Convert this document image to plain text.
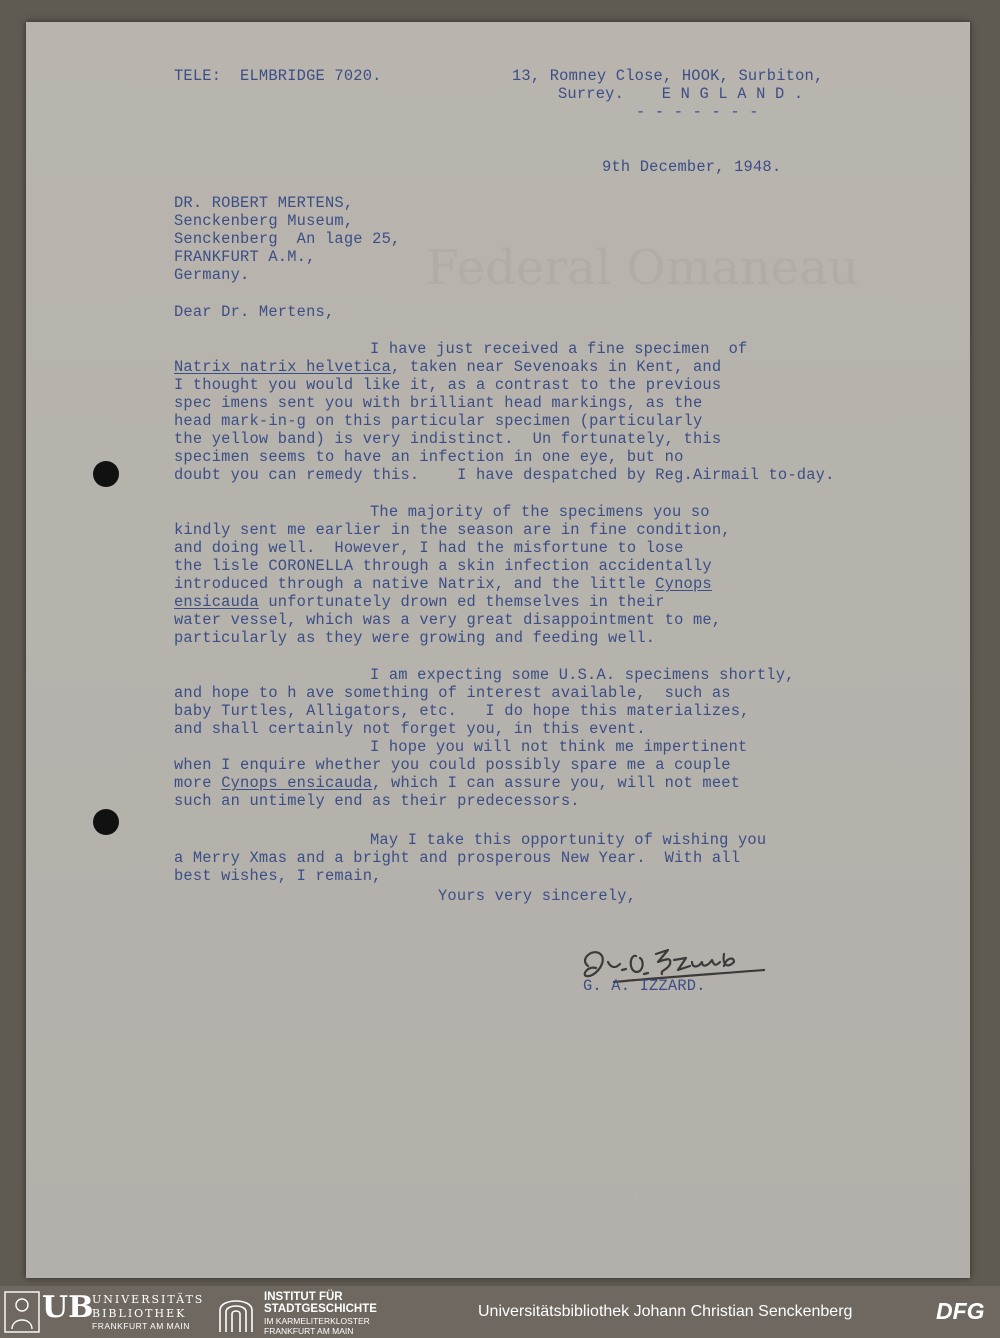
Federal Omaneau
TELE:  ELMBRIDGE 7020.	13, Romney Close, HOOK, Surbiton,
Surrey.    E N G L A N D .
- - - - - - -
9th December, 1948.
DR. ROBERT MERTENS,
Senckenberg Museum,
Senckenberg  An lage 25,
FRANKFURT A.M.,
Germany.
Dear Dr. Mertens,
I have just received a fine specimen  of
Natrix natrix helvetica, taken near Sevenoaks in Kent, and
I thought you would like it, as a contrast to the previous
spec imens sent you with brilliant head markings, as the
head mark-in-g on this particular specimen (particularly
the yellow band) is very indistinct.  Un fortunately, this
specimen seems to have an infection in one eye, but no
doubt you can remedy this.    I have despatched by Reg.Airmail to-day.
The majority of the specimens you so
kindly sent me earlier in the season are in fine condition,
and doing well.  However, I had the misfortune to lose
the lisle CORONELLA through a skin infection accidentally
introduced through a native Natrix, and the little Cynops
ensicauda unfortunately drown ed themselves in their
water vessel, which was a very great disappointment to me,
particularly as they were growing and feeding well.
I am expecting some U.S.A. specimens shortly,
and hope to h ave something of interest available,  such as
baby Turtles, Alligators, etc.   I do hope this materializes,
and shall certainly not forget you, in this event.
I hope you will not think me impertinent
when I enquire whether you could possibly spare me a couple
more Cynops ensicauda, which I can assure you, will not meet
such an untimely end as their predecessors.
May I take this opportunity of wishing you
a Merry Xmas and a bright and prosperous New Year.  With all
best wishes, I remain,
Yours very sincerely,
G. A. IZZARD.
UB
UNIVERSITÄTS
BIBLIOTHEK
FRANKFURT AM MAIN
INSTITUT FÜR
STADTGESCHICHTE
IM KARMELITERKLOSTER
FRANKFURT AM MAIN
Universitätsbibliothek Johann Christian Senckenberg	DFG
